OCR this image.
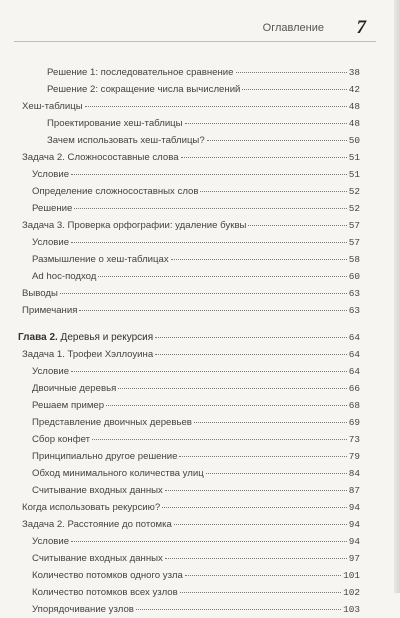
Оглавление 7
Решение 1: последовательное сравнение	38
Решение 2: сокращение числа вычислений	42
Хеш-таблицы	48
Проектирование хеш-таблицы	48
Зачем использовать хеш-таблицы?	50
Задача 2. Сложносоставные слова	51
Условие	51
Определение сложносоставных слов	52
Решение	52
Задача 3. Проверка орфографии: удаление буквы	57
Условие	57
Размышление о хеш-таблицах	58
Ad hoc-подход	60
Выводы	63
Примечания	63
Глава 2. Деревья и рекурсия	64
Задача 1. Трофеи Хэллоуина	64
Условие	64
Двоичные деревья	66
Решаем пример	68
Представление двоичных деревьев	69
Сбор конфет	73
Принципиально другое решение	79
Обход минимального количества улиц	84
Считывание входных данных	87
Когда использовать рекурсию?	94
Задача 2. Расстояние до потомка	94
Условие	94
Считывание входных данных	97
Количество потомков одного узла	101
Количество потомков всех узлов	102
Упорядочивание узлов	103
